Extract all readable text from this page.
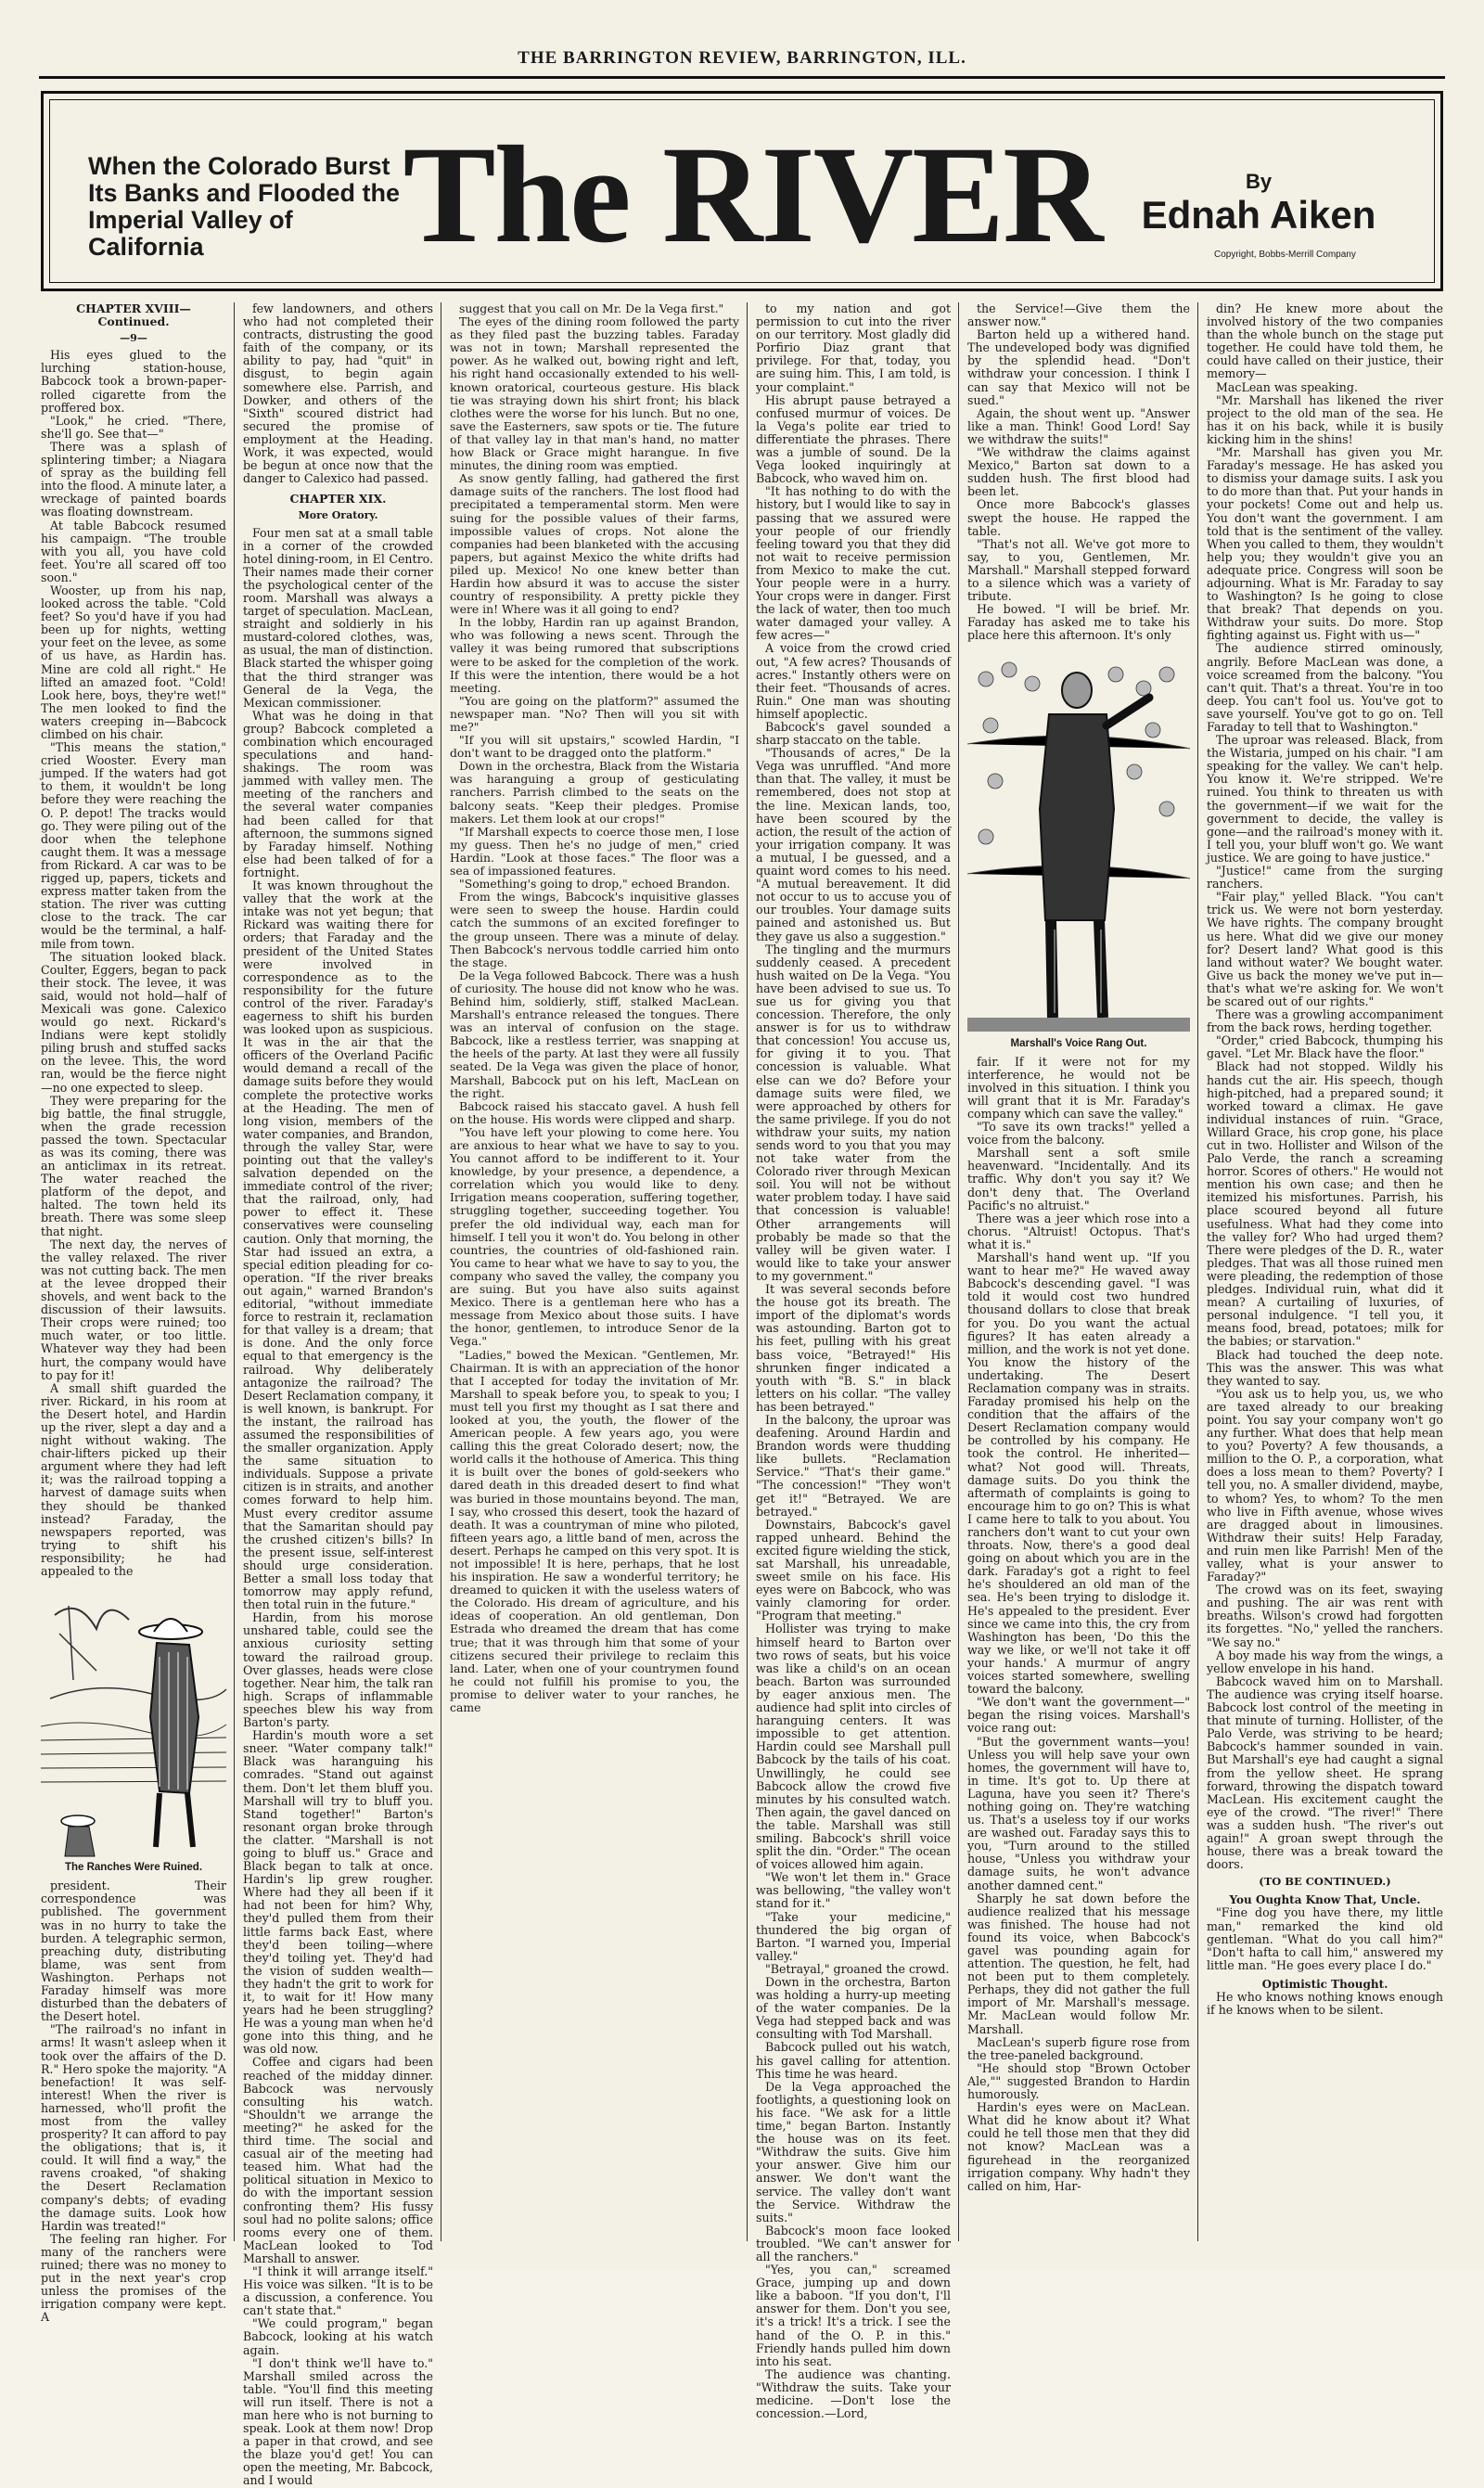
THE BARRINGTON REVIEW, BARRINGTON, ILL.
When the Colorado Burst Its Banks and Flooded the Imperial Valley of California	The RIVER	By
Ednah Aiken
Copyright, Bobbs-Merrill Company
CHAPTER XVIII—Continued.
—9—

His eyes glued to the lurching station-house, Babcock took a brown-paper-rolled cigarette from the proffered box.

"Look," he cried. "There, she'll go. See that—"

There was a splash of splintering timber; a Niagara of spray as the building fell into the flood. A minute later, a wreckage of painted boards was floating downstream.

At table Babcock resumed his campaign. "The trouble with you all, you have cold feet. You're all scared off too soon."

Wooster, up from his nap, looked across the table. "Cold feet? So you'd have if you had been up for nights, wetting your feet on the levee, as some of us have, as Hardin has. Mine are cold all right." He lifted an amazed foot. "Cold! Look here, boys, they're wet!" The men looked to find the waters creeping in—Babcock climbed on his chair.

"This means the station," cried Wooster. Every man jumped. If the waters had got to them, it wouldn't be long before they were reaching the O. P. depot! The tracks would go. They were piling out of the door when the telephone caught them. It was a message from Rickard. A car was to be rigged up, papers, tickets and express matter taken from the station. The river was cutting close to the track. The car would be the terminal, a half-mile from town.

The situation looked black. Coulter, Eggers, began to pack their stock. The levee, it was said, would not hold—half of Mexicali was gone. Calexico would go next. Rickard's Indians were kept stolidly piling brush and stuffed sacks on the levee. This, the word ran, would be the fierce night—no one expected to sleep.

They were preparing for the big battle, the final struggle, when the grade recession passed the town. Spectacular as was its coming, there was an anticlimax in its retreat. The water reached the platform of the depot, and halted. The town held its breath. There was some sleep that night.

The next day, the nerves of the valley relaxed. The river was not cutting back. The men at the levee dropped their shovels, and went back to the discussion of their lawsuits. Their crops were ruined; too much water, or too little. Whatever way they had been hurt, the company would have to pay for it!

A small shift guarded the river. Rickard, in his room at the Desert hotel, and Hardin up the river, slept a day and a night without waking. The chair-lifters picked up their argument where they had left it; was the railroad topping a harvest of damage suits when they should be thanked instead? Faraday, the newspapers reported, was trying to shift his responsibility; he had appealed to the

The Ranches Were Ruined.

president. Their correspondence was published. The government was in no hurry to take the burden. A telegraphic sermon, preaching duty, distributing blame, was sent from Washington. Perhaps not Faraday himself was more disturbed than the debaters of the Desert hotel.

"The railroad's no infant in arms! It wasn't asleep when it took over the affairs of the D. R." Hero spoke the majority. "A benefaction! It was self-interest! When the river is harnessed, who'll profit the most from the valley prosperity? It can afford to pay the obligations; that is, it could. It will find a way," the ravens croaked, "of shaking the Desert Reclamation company's debts; of evading the damage suits. Look how Hardin was treated!"

The feeling ran higher. For many of the ranchers were ruined; there was no money to put in the next year's crop unless the promises of the irrigation company were kept. A

few landowners, and others who had not completed their contracts, distrusting the good faith of the company, or its ability to pay, had "quit" in disgust, to begin again somewhere else. Parrish, and Dowker, and others of the "Sixth" scoured district had secured the promise of employment at the Heading. Work, it was expected, would be begun at once now that the danger to Calexico had passed.

CHAPTER XIX.
More Oratory.

Four men sat at a small table in a corner of the crowded hotel dining-room, in El Centro. Their names made their corner the psychological center of the room. Marshall was always a target of speculation. MacLean, straight and soldierly in his mustard-colored clothes, was, as usual, the man of distinction. Black started the whisper going that the third stranger was General de la Vega, the Mexican commissioner.

What was he doing in that group? Babcock completed a combination which encouraged speculations and hand-shakings. The room was jammed with valley men. The meeting of the ranchers and the several water companies had been called for that afternoon, the summons signed by Faraday himself. Nothing else had been talked of for a fortnight.

It was known throughout the valley that the work at the intake was not yet begun; that Rickard was waiting there for orders; that Faraday and the president of the United States were involved in correspondence as to the responsibility for the future control of the river. Faraday's eagerness to shift his burden was looked upon as suspicious. It was in the air that the officers of the Overland Pacific would demand a recall of the damage suits before they would complete the protective works at the Heading. The men of long vision, members of the water companies, and Brandon, through the valley Star, were pointing out that the valley's salvation depended on the immediate control of the river; that the railroad, only, had power to effect it. These conservatives were counseling caution. Only that morning, the Star had issued an extra, a special edition pleading for co-operation. "If the river breaks out again," warned Brandon's editorial, "without immediate force to restrain it, reclamation for that valley is a dream; that is done. And the only force equal to that emergency is the railroad. Why deliberately antagonize the railroad? The Desert Reclamation company, it is well known, is bankrupt. For the instant, the railroad has assumed the responsibilities of the smaller organization. Apply the same situation to individuals. Suppose a private citizen is in straits, and another comes forward to help him. Must every creditor assume that the Samaritan should pay the crushed citizen's bills? In the present issue, self-interest should urge consideration. Better a small loss today that tomorrow may apply refund, then total ruin in the future."

Hardin, from his morose unshared table, could see the anxious curiosity setting toward the railroad group. Over glasses, heads were close together. Near him, the talk ran high. Scraps of inflammable speeches blew his way from Barton's party.

Hardin's mouth wore a set sneer. "Water company talk!" Black was haranguing his comrades. "Stand out against them. Don't let them bluff you. Marshall will try to bluff you. Stand together!" Barton's resonant organ broke through the clatter. "Marshall is not going to bluff us." Grace and Black began to talk at once. Hardin's lip grew rougher. Where had they all been if it had not been for him? Why, they'd pulled them from their little farms back East, where they'd been toiling—where they'd toiling yet. They'd had the vision of sudden wealth—they hadn't the grit to work for it, to wait for it! How many years had he been struggling? He was a young man when he'd gone into this thing, and he was old now.

Coffee and cigars had been reached of the midday dinner. Babcock was nervously consulting his watch. "Shouldn't we arrange the meeting?" he asked for the third time. The social and casual air of the meeting had teased him. What had the political situation in Mexico to do with the important session confronting them? His fussy soul had no polite salons; office rooms every one of them. MacLean looked to Tod Marshall to answer.

"I think it will arrange itself." His voice was silken. "It is to be a discussion, a conference. You can't state that."

"We could program," began Babcock, looking at his watch again.

"I don't think we'll have to." Marshall smiled across the table. "You'll find this meeting will run itself. There is not a man here who is not burning to speak. Look at them now! Drop a paper in that crowd, and see the blaze you'd get! You can open the meeting, Mr. Babcock, and I would

suggest that you call on Mr. De la Vega first."

The eyes of the dining room followed the party as they filed past the buzzing tables. Faraday was not in town; Marshall represented the power. As he walked out, bowing right and left, his right hand occasionally extended to his well-known oratorical, courteous gesture. His black tie was straying down his shirt front; his black clothes were the worse for his lunch. But no one, save the Easterners, saw spots or tie. The future of that valley lay in that man's hand, no matter how Black or Grace might harangue. In five minutes, the dining room was emptied.

As snow gently falling, had gathered the first damage suits of the ranchers. The lost flood had precipitated a temperamental storm. Men were suing for the possible values of their farms, impossible values of crops. Not alone the companies had been blanketed with the accusing papers, but against Mexico the white drifts had piled up. Mexico! No one knew better than Hardin how absurd it was to accuse the sister country of responsibility. A pretty pickle they were in! Where was it all going to end?

In the lobby, Hardin ran up against Brandon, who was following a news scent. Through the valley it was being rumored that subscriptions were to be asked for the completion of the work. If this were the intention, there would be a hot meeting.

"You are going on the platform?" assumed the newspaper man. "No? Then will you sit with me?"

"If you will sit upstairs," scowled Hardin, "I don't want to be dragged onto the platform."

Down in the orchestra, Black from the Wistaria was haranguing a group of gesticulating ranchers. Parrish climbed to the seats on the balcony seats. "Keep their pledges. Promise makers. Let them look at our crops!"

"If Marshall expects to coerce those men, I lose my guess. Then he's no judge of men," cried Hardin. "Look at those faces." The floor was a sea of impassioned features.

"Something's going to drop," echoed Brandon.

From the wings, Babcock's inquisitive glasses were seen to sweep the house. Hardin could catch the summons of an excited forefinger to the group unseen. There was a minute of delay. Then Babcock's nervous toddle carried him onto the stage.

De la Vega followed Babcock. There was a hush of curiosity. The house did not know who he was. Behind him, soldierly, stiff, stalked MacLean. Marshall's entrance released the tongues. There was an interval of confusion on the stage. Babcock, like a restless terrier, was snapping at the heels of the party. At last they were all fussily seated. De la Vega was given the place of honor, Marshall, Babcock put on his left, MacLean on the right.

Babcock raised his staccato gavel. A hush fell on the house. His words were clipped and sharp.

"You have left your plowing to come here. You are anxious to hear what we have to say to you. You cannot afford to be indifferent to it. Your knowledge, by your presence, a dependence, a correlation which you would like to deny. Irrigation means cooperation, suffering together, struggling together, succeeding together. You prefer the old individual way, each man for himself. I tell you it won't do. You belong in other countries, the countries of old-fashioned rain. You came to hear what we have to say to you, the company who saved the valley, the company you are suing. But you have also suits against Mexico. There is a gentleman here who has a message from Mexico about those suits. I have the honor, gentlemen, to introduce Senor de la Vega."

"Ladies," bowed the Mexican. "Gentlemen, Mr. Chairman. It is with an appreciation of the honor that I accepted for today the invitation of Mr. Marshall to speak before you, to speak to you; I must tell you first my thought as I sat there and looked at you, the youth, the flower of the American people. A few years ago, you were calling this the great Colorado desert; now, the world calls it the hothouse of America. This thing it is built over the bones of gold-seekers who dared death in this dreaded desert to find what was buried in those mountains beyond. The man, I say, who crossed this desert, took the hazard of death. It was a countryman of mine who piloted, fifteen years ago, a little band of men, across the desert. Perhaps he camped on this very spot. It is not impossible! It is here, perhaps, that he lost his inspiration. He saw a wonderful territory; he dreamed to quicken it with the useless waters of the Colorado. His dream of agriculture, and his ideas of cooperation. An old gentleman, Don Estrada who dreamed the dream that has come true; that it was through him that some of your citizens secured their privilege to reclaim this land. Later, when one of your countrymen found he could not fulfill his promise to you, the promise to deliver water to your ranches, he came

to my nation and got permission to cut into the river on our territory. Most gladly did Porfirio Diaz grant that privilege. For that, today, you are suing him. This, I am told, is your complaint."

His abrupt pause betrayed a confused murmur of voices. De la Vega's polite ear tried to differentiate the phrases. There was a jumble of sound. De la Vega looked inquiringly at Babcock, who waved him on.

"It has nothing to do with the history, but I would like to say in passing that we assured were your people of our friendly feeling toward you that they did not wait to receive permission from Mexico to make the cut. Your people were in a hurry. Your crops were in danger. First the lack of water, then too much water damaged your valley. A few acres—"

A voice from the crowd cried out, "A few acres? Thousands of acres." Instantly others were on their feet. "Thousands of acres. Ruin." One man was shouting himself apoplectic.

Babcock's gavel sounded a sharp staccato on the table.

"Thousands of acres," De la Vega was unruffled. "And more than that. The valley, it must be remembered, does not stop at the line. Mexican lands, too, have been scoured by the action, the result of the action of your irrigation company. It was a mutual, I be guessed, and a quaint word comes to his need. "A mutual bereavement. It did not occur to us to accuse you of our troubles. Your damage suits pained and astonished us. But they gave us also a suggestion."

The tingling and the murmurs suddenly ceased. A precedent hush waited on De la Vega. "You have been advised to sue us. To sue us for giving you that concession. Therefore, the only answer is for us to withdraw that concession! You accuse us, for giving it to you. That concession is valuable. What else can we do? Before your damage suits were filed, we were approached by others for the same privilege. If you do not withdraw your suits, my nation sends word to you that you may not take water from the Colorado river through Mexican soil. You will not be without water problem today. I have said that concession is valuable! Other arrangements will probably be made so that the valley will be given water. I would like to take your answer to my government."

It was several seconds before the house got its breath. The import of the diplomat's words was astounding. Barton got to his feet, pulling with his great bass voice, "Betrayed!" His shrunken finger indicated a youth with "B. S." in black letters on his collar. "The valley has been betrayed."

In the balcony, the uproar was deafening. Around Hardin and Brandon words were thudding like bullets. "Reclamation Service." "That's their game." "The concession!" "They won't get it!" "Betrayed. We are betrayed."

Downstairs, Babcock's gavel rapped unheard. Behind the excited figure wielding the stick, sat Marshall, his unreadable, sweet smile on his face. His eyes were on Babcock, who was vainly clamoring for order. "Program that meeting."

Hollister was trying to make himself heard to Barton over two rows of seats, but his voice was like a child's on an ocean beach. Barton was surrounded by eager anxious men. The audience had split into circles of haranguing centers. It was impossible to get attention. Hardin could see Marshall pull Babcock by the tails of his coat. Unwillingly, he could see Babcock allow the crowd five minutes by his consulted watch. Then again, the gavel danced on the table. Marshall was still smiling. Babcock's shrill voice split the din. "Order." The ocean of voices allowed him again.

"We won't let them in." Grace was bellowing, "the valley won't stand for it."

"Take your medicine," thundered the big organ of Barton. "I warned you, Imperial valley."

"Betrayal," groaned the crowd.

Down in the orchestra, Barton was holding a hurry-up meeting of the water companies. De la Vega had stepped back and was consulting with Tod Marshall.

Babcock pulled out his watch, his gavel calling for attention. This time he was heard.

De la Vega approached the footlights, a questioning look on his face. "We ask for a little time," began Barton. Instantly the house was on its feet. "Withdraw the suits. Give him your answer. Give him our answer. We don't want the service. The valley don't want the Service. Withdraw the suits."

Babcock's moon face looked troubled. "We can't answer for all the ranchers."

"Yes, you can," screamed Grace, jumping up and down like a baboon. "If you don't, I'll answer for them. Don't you see, it's a trick! It's a trick. I see the hand of the O. P. in this." Friendly hands pulled him down into his seat.

The audience was chanting. "Withdraw the suits. Take your medicine. —Don't lose the concession.—Lord,

the Service!—Give them the answer now."

Barton held up a withered hand. The undeveloped body was dignified by the splendid head. "Don't withdraw your concession. I think I can say that Mexico will not be sued."

Again, the shout went up. "Answer like a man. Think! Good Lord! Say we withdraw the suits!"

"We withdraw the claims against Mexico," Barton sat down to a sudden hush. The first blood had been let.

Once more Babcock's glasses swept the house. He rapped the table.

"That's not all. We've got more to say, to you, Gentlemen, Mr. Marshall." Marshall stepped forward to a silence which was a variety of tribute.

He bowed. "I will be brief. Mr. Faraday has asked me to take his place here this afternoon. It's only

Marshall's Voice Rang Out.

fair. If it were not for my interference, he would not be involved in this situation. I think you will grant that it is Mr. Faraday's company which can save the valley."

"To save its own tracks!" yelled a voice from the balcony.

Marshall sent a soft smile heavenward. "Incidentally. And its traffic. Why don't you say it? We don't deny that. The Overland Pacific's no altruist."

There was a jeer which rose into a chorus. "Altruist! Octopus. That's what it is."

Marshall's hand went up. "If you want to hear me?" He waved away Babcock's descending gavel. "I was told it would cost two hundred thousand dollars to close that break for you. Do you want the actual figures? It has eaten already a million, and the work is not yet done. You know the history of the undertaking. The Desert Reclamation company was in straits. Faraday promised his help on the condition that the affairs of the Desert Reclamation company would be controlled by his company. He took the control. He inherited—what? Not good will. Threats, damage suits. Do you think the aftermath of complaints is going to encourage him to go on? This is what I came here to talk to you about. You ranchers don't want to cut your own throats. Now, there's a good deal going on about which you are in the dark. Faraday's got a right to feel he's shouldered an old man of the sea. He's been trying to dislodge it. He's appealed to the president. Ever since we came into this, the cry from Washington has been, 'Do this the way we like, or we'll not take it off your hands.' A murmur of angry voices started somewhere, swelling toward the balcony.

"We don't want the government—" began the rising voices. Marshall's voice rang out:

"But the government wants—you! Unless you will help save your own homes, the government will have to, in time. It's got to. Up there at Laguna, have you seen it? There's nothing going on. They're watching us. That's a useless toy if our works are washed out. Faraday says this to you, "Turn around to the stilled house, "Unless you withdraw your damage suits, he won't advance another damned cent."

Sharply he sat down before the audience realized that his message was finished. The house had not found its voice, when Babcock's gavel was pounding again for attention. The question, he felt, had not been put to them completely. Perhaps, they did not gather the full import of Mr. Marshall's message. Mr. MacLean would follow Mr. Marshall.

MacLean's superb figure rose from the tree-paneled background.

"He should stop "Brown October Ale,"" suggested Brandon to Hardin humorously.

Hardin's eyes were on MacLean. What did he know about it? What could he tell those men that they did not know? MacLean was a figurehead in the reorganized irrigation company. Why hadn't they called on him, Har-

din? He knew more about the involved history of the two companies than the whole bunch on the stage put together. He could have told them, he could have called on their justice, their memory—

MacLean was speaking.

"Mr. Marshall has likened the river project to the old man of the sea. He has it on his back, while it is busily kicking him in the shins!

"Mr. Marshall has given you Mr. Faraday's message. He has asked you to dismiss your damage suits. I ask you to do more than that. Put your hands in your pockets! Come out and help us. You don't want the government. I am told that is the sentiment of the valley. When you called to them, they wouldn't help you; they wouldn't give you an adequate price. Congress will soon be adjourning. What is Mr. Faraday to say to Washington? Is he going to close that break? That depends on you. Withdraw your suits. Do more. Stop fighting against us. Fight with us—"

The audience stirred ominously, angrily. Before MacLean was done, a voice screamed from the balcony. "You can't quit. That's a threat. You're in too deep. You can't fool us. You've got to save yourself. You've got to go on. Tell Faraday to tell that to Washington."

The uproar was released. Black, from the Wistaria, jumped on his chair. "I am speaking for the valley. We can't help. You know it. We're stripped. We're ruined. You think to threaten us with the government—if we wait for the government to decide, the valley is gone—and the railroad's money with it. I tell you, your bluff won't go. We want justice. We are going to have justice."

"Justice!" came from the surging ranchers.

"Fair play," yelled Black. "You can't trick us. We were not born yesterday. We have rights. The company brought us here. What did we give our money for? Desert land? What good is this land without water? We bought water. Give us back the money we've put in—that's what we're asking for. We won't be scared out of our rights."

There was a growling accompaniment from the back rows, herding together.

"Order," cried Babcock, thumping his gavel. "Let Mr. Black have the floor."

Black had not stopped. Wildly his hands cut the air. His speech, though high-pitched, had a prepared sound; it worked toward a climax. He gave individual instances of ruin. "Grace, Willard Grace, his crop gone, his place cut in two. Hollister and Wilson of the Palo Verde, the ranch a screaming horror. Scores of others." He would not mention his own case; and then he itemized his misfortunes. Parrish, his place scoured beyond all future usefulness. What had they come into the valley for? Who had urged them? There were pledges of the D. R., water pledges. That was all those ruined men were pleading, the redemption of those pledges. Individual ruin, what did it mean? A curtailing of luxuries, of personal indulgence. "I tell you, it means food, bread, potatoes; milk for the babies; or starvation."

Black had touched the deep note. This was the answer. This was what they wanted to say.

"You ask us to help you, us, we who are taxed already to our breaking point. You say your company won't go any further. What does that help mean to you? Poverty? A few thousands, a million to the O. P., a corporation, what does a loss mean to them? Poverty? I tell you, no. A smaller dividend, maybe, to whom? Yes, to whom? To the men who live in Fifth avenue, whose wives are dragged about in limousines. Withdraw their suits! Help Faraday, and ruin men like Parrish! Men of the valley, what is your answer to Faraday?"

The crowd was on its feet, swaying and pushing. The air was rent with breaths. Wilson's crowd had forgotten its forgettes. "No," yelled the ranchers. "We say no."

A boy made his way from the wings, a yellow envelope in his hand.

Babcock waved him on to Marshall. The audience was crying itself hoarse. Babcock lost control of the meeting in that minute of turning. Hollister, of the Palo Verde, was striving to be heard; Babcock's hammer sounded in vain. But Marshall's eye had caught a signal from the yellow sheet. He sprang forward, throwing the dispatch toward MacLean. His excitement caught the eye of the crowd. "The river!" There was a sudden hush. "The river's out again!" A groan swept through the house, there was a break toward the doors.

(TO BE CONTINUED.)
You Oughta Know That, Uncle.

"Fine dog you have there, my little man," remarked the kind old gentleman. "What do you call him?" "Don't hafta to call him," answered my little man. "He goes every place I do."

Optimistic Thought.

He who knows nothing knows enough if he knows when to be silent.
